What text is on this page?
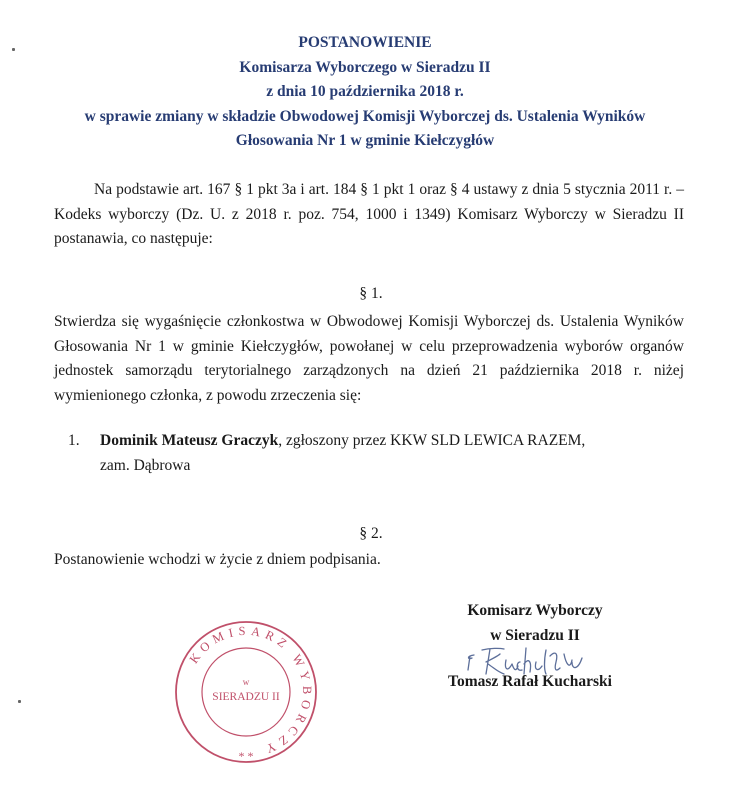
POSTANOWIENIE
Komisarza Wyborczego w Sieradzu II
z dnia 10 października 2018 r.
w sprawie zmiany w składzie Obwodowej Komisji Wyborczej ds. Ustalenia Wyników
Głosowania Nr 1 w gminie Kiełczygłów
Na podstawie art. 167 § 1 pkt 3a i art. 184 § 1 pkt 1 oraz § 4 ustawy z dnia 5 stycznia 2011 r. – Kodeks wyborczy (Dz. U. z 2018 r. poz. 754, 1000 i 1349) Komisarz Wyborczy w Sieradzu II postanawia, co następuje:
§ 1.
Stwierdza się wygaśnięcie członkostwa w Obwodowej Komisji Wyborczej ds. Ustalenia Wyników Głosowania Nr 1 w gminie Kiełczygłów, powołanej w celu przeprowadzenia wyborów organów jednostek samorządu terytorialnego zarządzonych na dzień 21 października 2018 r. niżej wymienionego członka, z powodu zrzeczenia się:
1. Dominik Mateusz Graczyk, zgłoszony przez KKW SLD LEWICA RAZEM,
zam. Dąbrowa
§ 2.
Postanowienie wchodzi w życie z dniem podpisania.
Komisarz Wyborczy
w Sieradzu II
Tomasz Rafał Kucharski
KOMISARZ WYBORCZY
w
SIERADZU II
* *
